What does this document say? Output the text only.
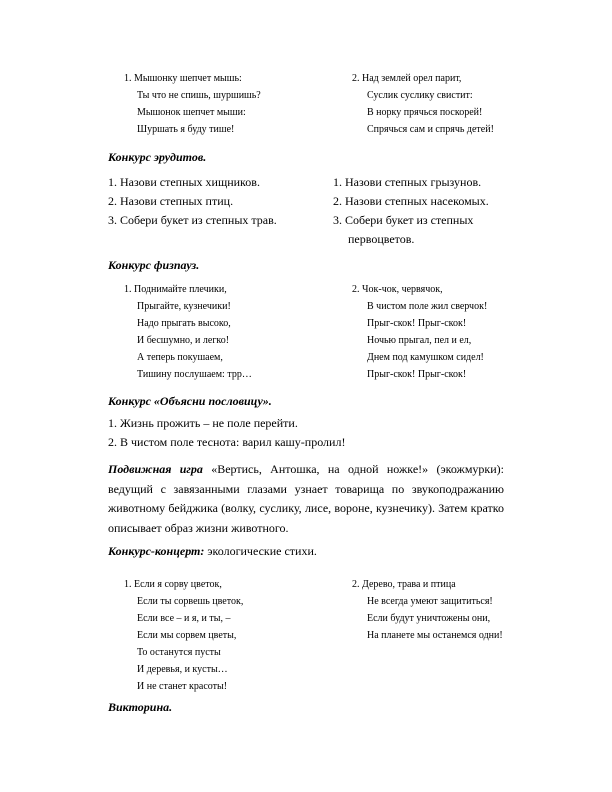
1. Мышонку шепчет мышь:
Ты что не спишь, шуршишь?
Мышонок шепчет мыши:
Шуршать я буду тише!
2. Над землей орел парит,
Суслик суслику свистит:
В норку прячься поскорей!
Спрячься сам и спрячь детей!
Конкурс эрудитов.
1. Назови степных хищников.
2. Назови степных птиц.
3. Собери букет из степных трав.
1. Назови степных грызунов.
2. Назови степных насекомых.
3. Собери букет из степных
первоцветов.
Конкурс физпауз.
1. Поднимайте плечики,
Прыгайте, кузнечики!
Надо прыгать высоко,
И бесшумно, и легко!
А теперь покушаем,
Тишину послушаем: трр…
2. Чок-чок, червячок,
В чистом поле жил сверчок!
Прыг-скок! Прыг-скок!
Ночью прыгал, пел и ел,
Днем под камушком сидел!
Прыг-скок! Прыг-скок!
Конкурс «Объясни пословицу».
1. Жизнь прожить – не поле перейти.
2. В чистом поле теснота: варил кашу-пролил!
Подвижная игра «Вертись, Антошка, на одной ножке!» (экожмурки): ведущий с завязанными глазами узнает товарища по звукоподражанию животному бейджика (волку, суслику, лисе, вороне, кузнечику). Затем кратко описывает образ жизни животного.
Конкурс-концерт: экологические стихи.
1. Если я сорву цветок,
Если ты сорвешь цветок,
Если все – и я, и ты, –
Если мы сорвем цветы,
То останутся пусты
И деревья, и кусты…
И не станет красоты!
2. Дерево, трава и птица
Не всегда умеют защититься!
Если будут уничтожены они,
На планете мы останемся одни!
Викторина.
